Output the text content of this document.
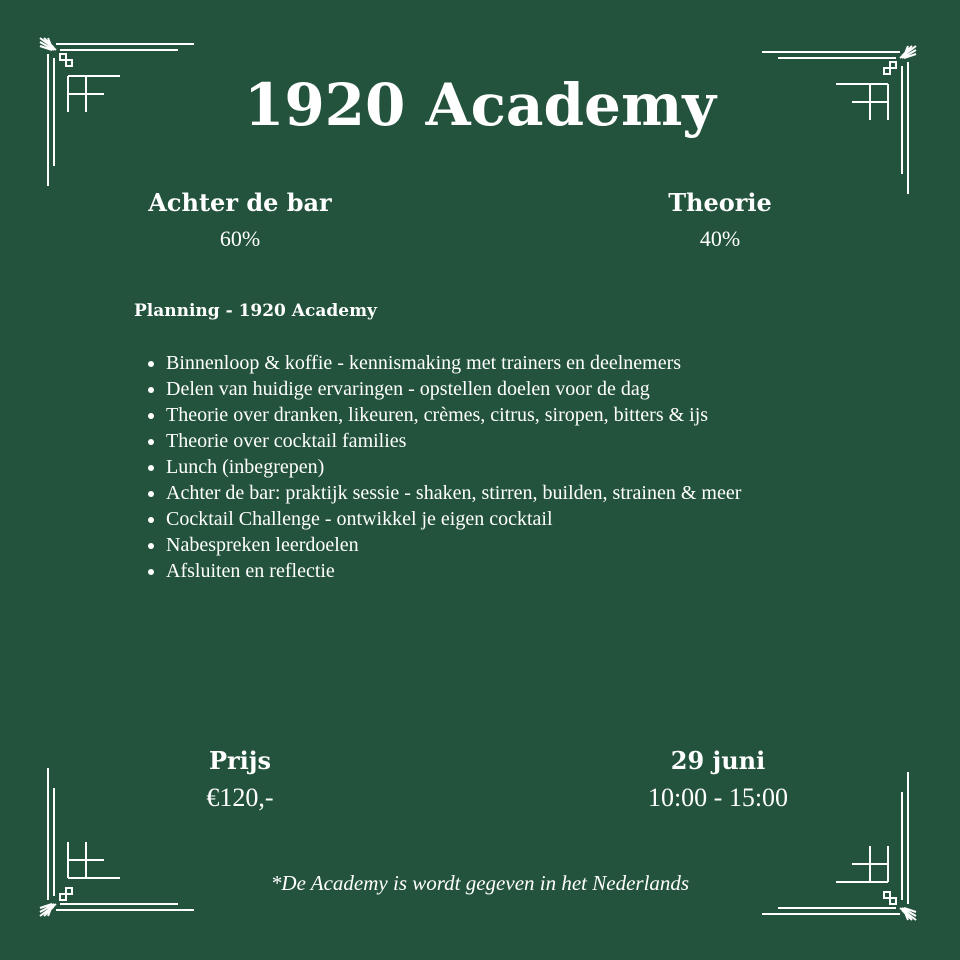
1920 Academy
Achter de bar
60%
Theorie
40%
Planning - 1920 Academy
• Binnenloop & koffie - kennismaking met trainers en deelnemers
• Delen van huidige ervaringen - opstellen doelen voor de dag
• Theorie over dranken, likeuren, crèmes, citrus, siropen, bitters & ijs
• Theorie over cocktail families
• Lunch (inbegrepen)
• Achter de bar: praktijk sessie - shaken, stirren, builden, strainen & meer
• Cocktail Challenge - ontwikkel je eigen cocktail
• Nabespreken leerdoelen
• Afsluiten en reflectie
Prijs
€120,-
29 juni
10:00 - 15:00
*De Academy is wordt gegeven in het Nederlands
